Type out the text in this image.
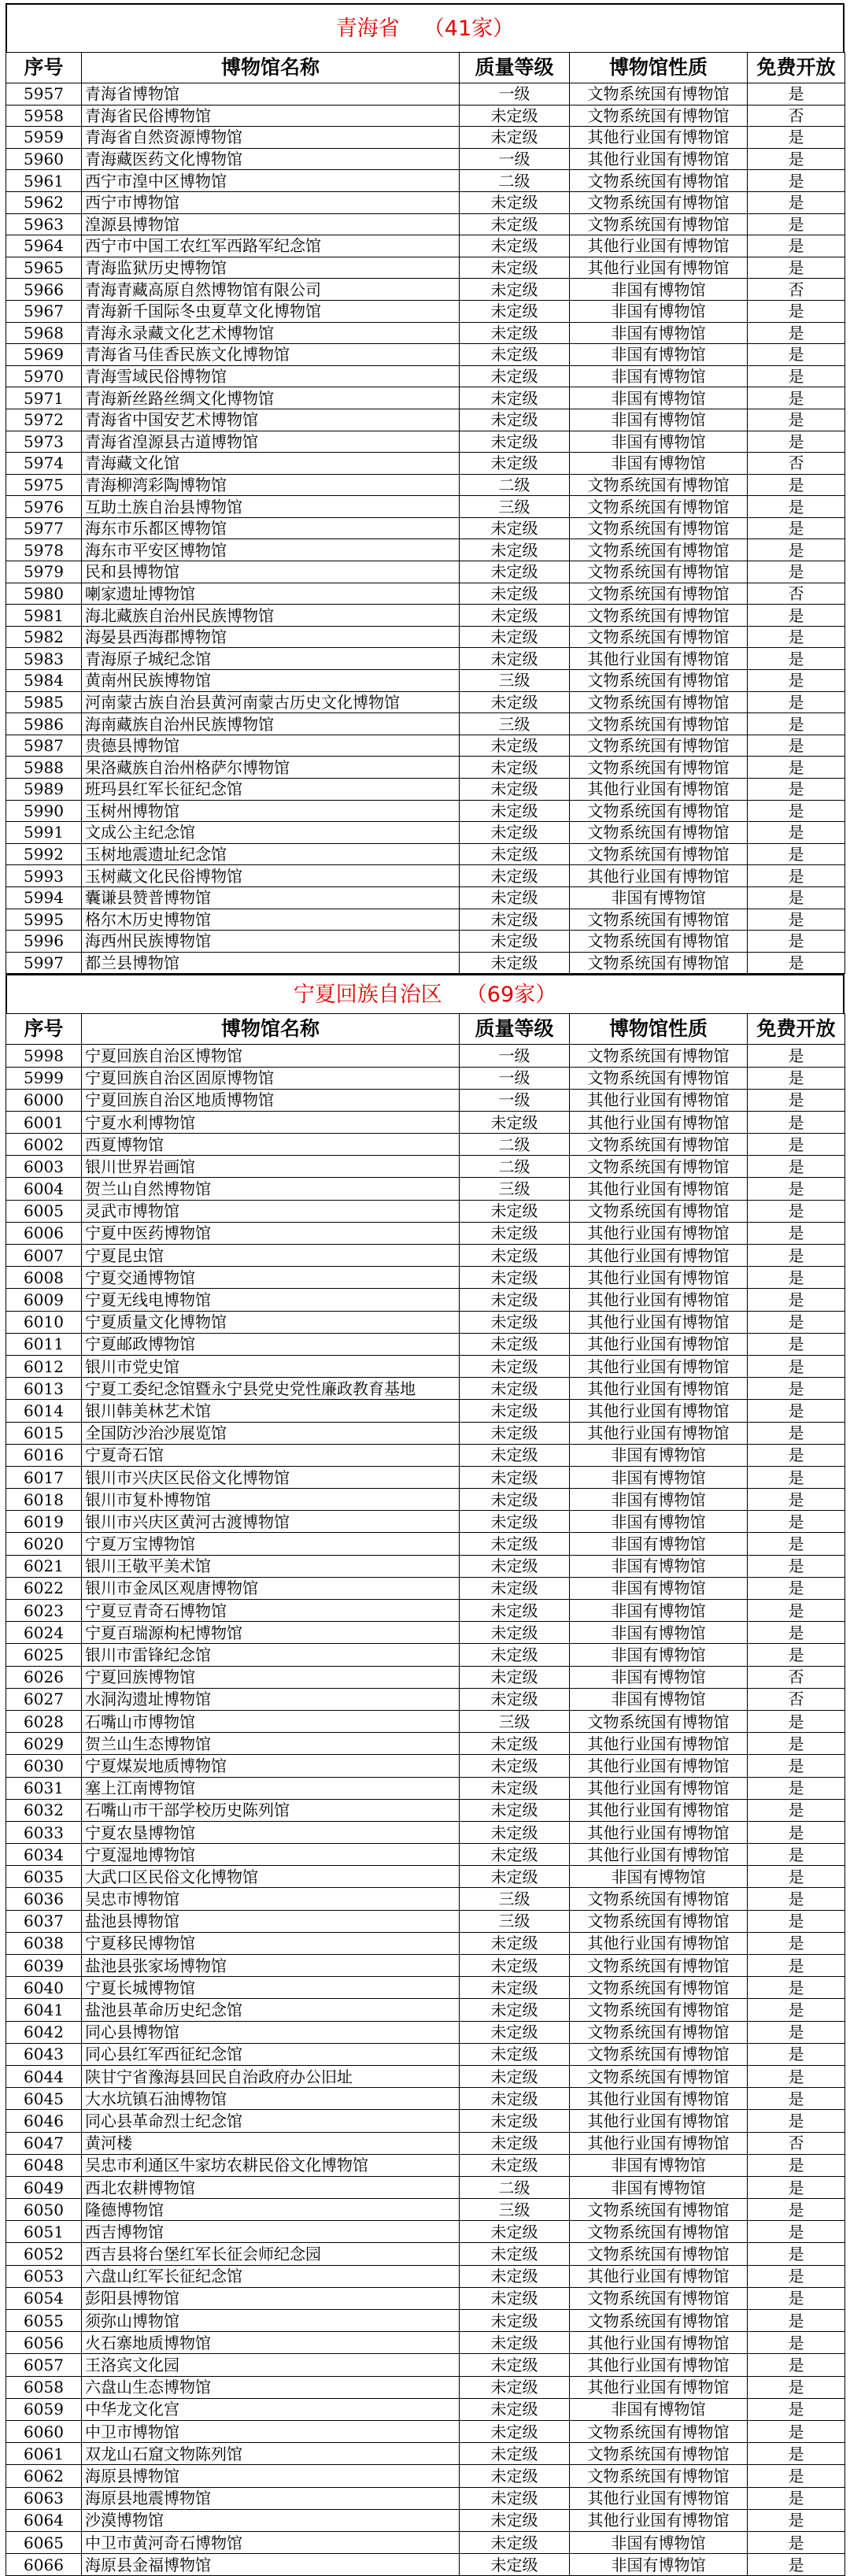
青海省 （41家）
序号	博物馆名称	质量等级	博物馆性质	免费开放
5957	青海省博物馆	一级	文物系统国有博物馆	是
5958	青海省民俗博物馆	未定级	文物系统国有博物馆	否
5959	青海省自然资源博物馆	未定级	其他行业国有博物馆	是
5960	青海藏医药文化博物馆	一级	其他行业国有博物馆	是
5961	西宁市湟中区博物馆	二级	文物系统国有博物馆	是
5962	西宁市博物馆	未定级	文物系统国有博物馆	是
5963	湟源县博物馆	未定级	文物系统国有博物馆	是
5964	西宁市中国工农红军西路军纪念馆	未定级	其他行业国有博物馆	是
5965	青海监狱历史博物馆	未定级	其他行业国有博物馆	是
5966	青海青藏高原自然博物馆有限公司	未定级	非国有博物馆	否
5967	青海新千国际冬虫夏草文化博物馆	未定级	非国有博物馆	是
5968	青海永录藏文化艺术博物馆	未定级	非国有博物馆	是
5969	青海省马佳香民族文化博物馆	未定级	非国有博物馆	是
5970	青海雪域民俗博物馆	未定级	非国有博物馆	是
5971	青海新丝路丝绸文化博物馆	未定级	非国有博物馆	是
5972	青海省中国安艺术博物馆	未定级	非国有博物馆	是
5973	青海省湟源县古道博物馆	未定级	非国有博物馆	是
5974	青海藏文化馆	未定级	非国有博物馆	否
5975	青海柳湾彩陶博物馆	二级	文物系统国有博物馆	是
5976	互助土族自治县博物馆	三级	文物系统国有博物馆	是
5977	海东市乐都区博物馆	未定级	文物系统国有博物馆	是
5978	海东市平安区博物馆	未定级	文物系统国有博物馆	是
5979	民和县博物馆	未定级	文物系统国有博物馆	是
5980	喇家遗址博物馆	未定级	文物系统国有博物馆	否
5981	海北藏族自治州民族博物馆	未定级	文物系统国有博物馆	是
5982	海晏县西海郡博物馆	未定级	文物系统国有博物馆	是
5983	青海原子城纪念馆	未定级	其他行业国有博物馆	是
5984	黄南州民族博物馆	三级	文物系统国有博物馆	是
5985	河南蒙古族自治县黄河南蒙古历史文化博物馆	未定级	文物系统国有博物馆	是
5986	海南藏族自治州民族博物馆	三级	文物系统国有博物馆	是
5987	贵德县博物馆	未定级	文物系统国有博物馆	是
5988	果洛藏族自治州格萨尔博物馆	未定级	文物系统国有博物馆	是
5989	班玛县红军长征纪念馆	未定级	其他行业国有博物馆	是
5990	玉树州博物馆	未定级	文物系统国有博物馆	是
5991	文成公主纪念馆	未定级	文物系统国有博物馆	是
5992	玉树地震遗址纪念馆	未定级	文物系统国有博物馆	是
5993	玉树藏文化民俗博物馆	未定级	其他行业国有博物馆	是
5994	囊谦县赞普博物馆	未定级	非国有博物馆	是
5995	格尔木历史博物馆	未定级	文物系统国有博物馆	是
5996	海西州民族博物馆	未定级	文物系统国有博物馆	是
5997	都兰县博物馆	未定级	文物系统国有博物馆	是
宁夏回族自治区 （69家）
序号	博物馆名称	质量等级	博物馆性质	免费开放
5998	宁夏回族自治区博物馆	一级	文物系统国有博物馆	是
5999	宁夏回族自治区固原博物馆	一级	文物系统国有博物馆	是
6000	宁夏回族自治区地质博物馆	一级	其他行业国有博物馆	是
6001	宁夏水利博物馆	未定级	其他行业国有博物馆	是
6002	西夏博物馆	二级	文物系统国有博物馆	是
6003	银川世界岩画馆	二级	文物系统国有博物馆	是
6004	贺兰山自然博物馆	三级	其他行业国有博物馆	是
6005	灵武市博物馆	未定级	文物系统国有博物馆	是
6006	宁夏中医药博物馆	未定级	其他行业国有博物馆	是
6007	宁夏昆虫馆	未定级	其他行业国有博物馆	是
6008	宁夏交通博物馆	未定级	其他行业国有博物馆	是
6009	宁夏无线电博物馆	未定级	其他行业国有博物馆	是
6010	宁夏质量文化博物馆	未定级	其他行业国有博物馆	是
6011	宁夏邮政博物馆	未定级	其他行业国有博物馆	是
6012	银川市党史馆	未定级	其他行业国有博物馆	是
6013	宁夏工委纪念馆暨永宁县党史党性廉政教育基地	未定级	其他行业国有博物馆	是
6014	银川韩美林艺术馆	未定级	其他行业国有博物馆	是
6015	全国防沙治沙展览馆	未定级	其他行业国有博物馆	是
6016	宁夏奇石馆	未定级	非国有博物馆	是
6017	银川市兴庆区民俗文化博物馆	未定级	非国有博物馆	是
6018	银川市复朴博物馆	未定级	非国有博物馆	是
6019	银川市兴庆区黄河古渡博物馆	未定级	非国有博物馆	是
6020	宁夏万宝博物馆	未定级	非国有博物馆	是
6021	银川王敬平美术馆	未定级	非国有博物馆	是
6022	银川市金凤区观唐博物馆	未定级	非国有博物馆	是
6023	宁夏豆青奇石博物馆	未定级	非国有博物馆	是
6024	宁夏百瑞源枸杞博物馆	未定级	非国有博物馆	是
6025	银川市雷锋纪念馆	未定级	非国有博物馆	是
6026	宁夏回族博物馆	未定级	非国有博物馆	否
6027	水洞沟遗址博物馆	未定级	非国有博物馆	否
6028	石嘴山市博物馆	三级	文物系统国有博物馆	是
6029	贺兰山生态博物馆	未定级	其他行业国有博物馆	是
6030	宁夏煤炭地质博物馆	未定级	其他行业国有博物馆	是
6031	塞上江南博物馆	未定级	其他行业国有博物馆	是
6032	石嘴山市干部学校历史陈列馆	未定级	其他行业国有博物馆	是
6033	宁夏农垦博物馆	未定级	其他行业国有博物馆	是
6034	宁夏湿地博物馆	未定级	其他行业国有博物馆	是
6035	大武口区民俗文化博物馆	未定级	非国有博物馆	是
6036	吴忠市博物馆	三级	文物系统国有博物馆	是
6037	盐池县博物馆	三级	文物系统国有博物馆	是
6038	宁夏移民博物馆	未定级	其他行业国有博物馆	是
6039	盐池县张家场博物馆	未定级	文物系统国有博物馆	是
6040	宁夏长城博物馆	未定级	文物系统国有博物馆	是
6041	盐池县革命历史纪念馆	未定级	文物系统国有博物馆	是
6042	同心县博物馆	未定级	文物系统国有博物馆	是
6043	同心县红军西征纪念馆	未定级	文物系统国有博物馆	是
6044	陕甘宁省豫海县回民自治政府办公旧址	未定级	文物系统国有博物馆	是
6045	大水坑镇石油博物馆	未定级	其他行业国有博物馆	是
6046	同心县革命烈士纪念馆	未定级	其他行业国有博物馆	是
6047	黄河楼	未定级	其他行业国有博物馆	否
6048	吴忠市利通区牛家坊农耕民俗文化博物馆	未定级	非国有博物馆	是
6049	西北农耕博物馆	二级	非国有博物馆	是
6050	隆德博物馆	三级	文物系统国有博物馆	是
6051	西吉博物馆	未定级	文物系统国有博物馆	是
6052	西吉县将台堡红军长征会师纪念园	未定级	文物系统国有博物馆	是
6053	六盘山红军长征纪念馆	未定级	其他行业国有博物馆	是
6054	彭阳县博物馆	未定级	文物系统国有博物馆	是
6055	须弥山博物馆	未定级	文物系统国有博物馆	是
6056	火石寨地质博物馆	未定级	其他行业国有博物馆	是
6057	王洛宾文化园	未定级	其他行业国有博物馆	是
6058	六盘山生态博物馆	未定级	其他行业国有博物馆	是
6059	中华龙文化宫	未定级	非国有博物馆	是
6060	中卫市博物馆	未定级	文物系统国有博物馆	是
6061	双龙山石窟文物陈列馆	未定级	文物系统国有博物馆	是
6062	海原县博物馆	未定级	文物系统国有博物馆	是
6063	海原县地震博物馆	未定级	其他行业国有博物馆	是
6064	沙漠博物馆	未定级	其他行业国有博物馆	是
6065	中卫市黄河奇石博物馆	未定级	非国有博物馆	是
6066	海原县金福博物馆	未定级	非国有博物馆	是
